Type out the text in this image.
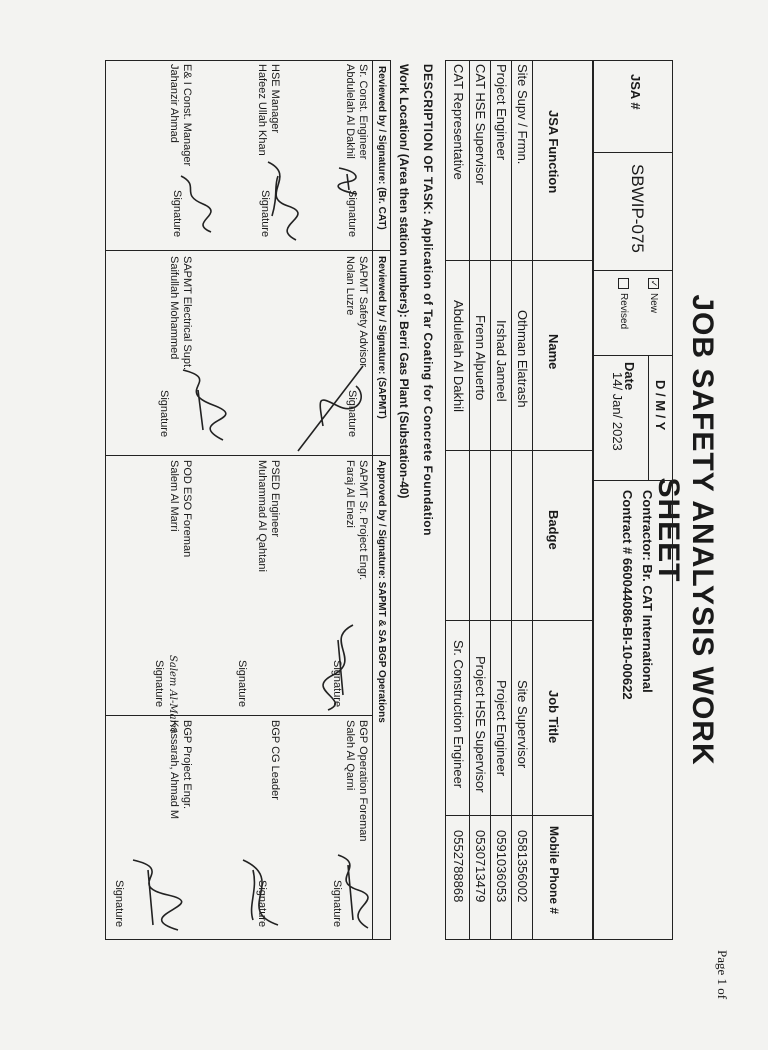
Page 1 of
JOB SAFETY ANALYSIS WORK SHEET
JSA #
SBWIP-075
✓New
Revised
Date
D / M / Y
14/ Jan/ 2023
Contractor: Br. CAT International
Contract # 660044086-BI-10-00622
JSA Function
Name
Badge
Job Title
Mobile Phone #
Site Supv / Frmn.
Othman Elatrash
Site Supervisor
0581356002
Project Engineer
Irshad Jameel
Project Engineer
0591036053
CAT HSE Supervisor
Frenn Alpuerto
Project HSE Supervisor
0530713479
CAT Representative
Abdulelah Al Dakhil
Sr. Construction Engineer
0552788868
DESCRIPTION OF TASK: Application of Tar Coating for Concrete Foundation
Work Location/ (Area then station numbers): Berri Gas Plant (Substation-40)
Reviewed by / Signature: (Br. CAT)
Reviewed by / Signature: (SAPMT)
Approved by / Signature: SAPMT & SA BGP Operations
Sr. Const. Engineer
Abdulelah Al Dakhil
Signature
HSE Manager
Hafeez Ullah Khan
Signature
E& I Const. Manager
Jahanzir Ahmad
Signature
SAPMT Safety Advisor
Nolan Luzre
Signature
SAPMT Electrical Supt.
Saifullah Mohammed
Signature
SAPMT Sr. Project Engr.
Faraj Al Enezi
Signature
PSED Engineer
Muhammad Al Qahtani
Signature
POD ESO Foreman
Salem Al Marri
Salem Al-Marri
Signature
BGP Operation Foreman
Saleh Al Qarni
Signature
BGP CG Leader
Signature
BGP Project Engr.
Kassarah, Ahmad M
Signature
